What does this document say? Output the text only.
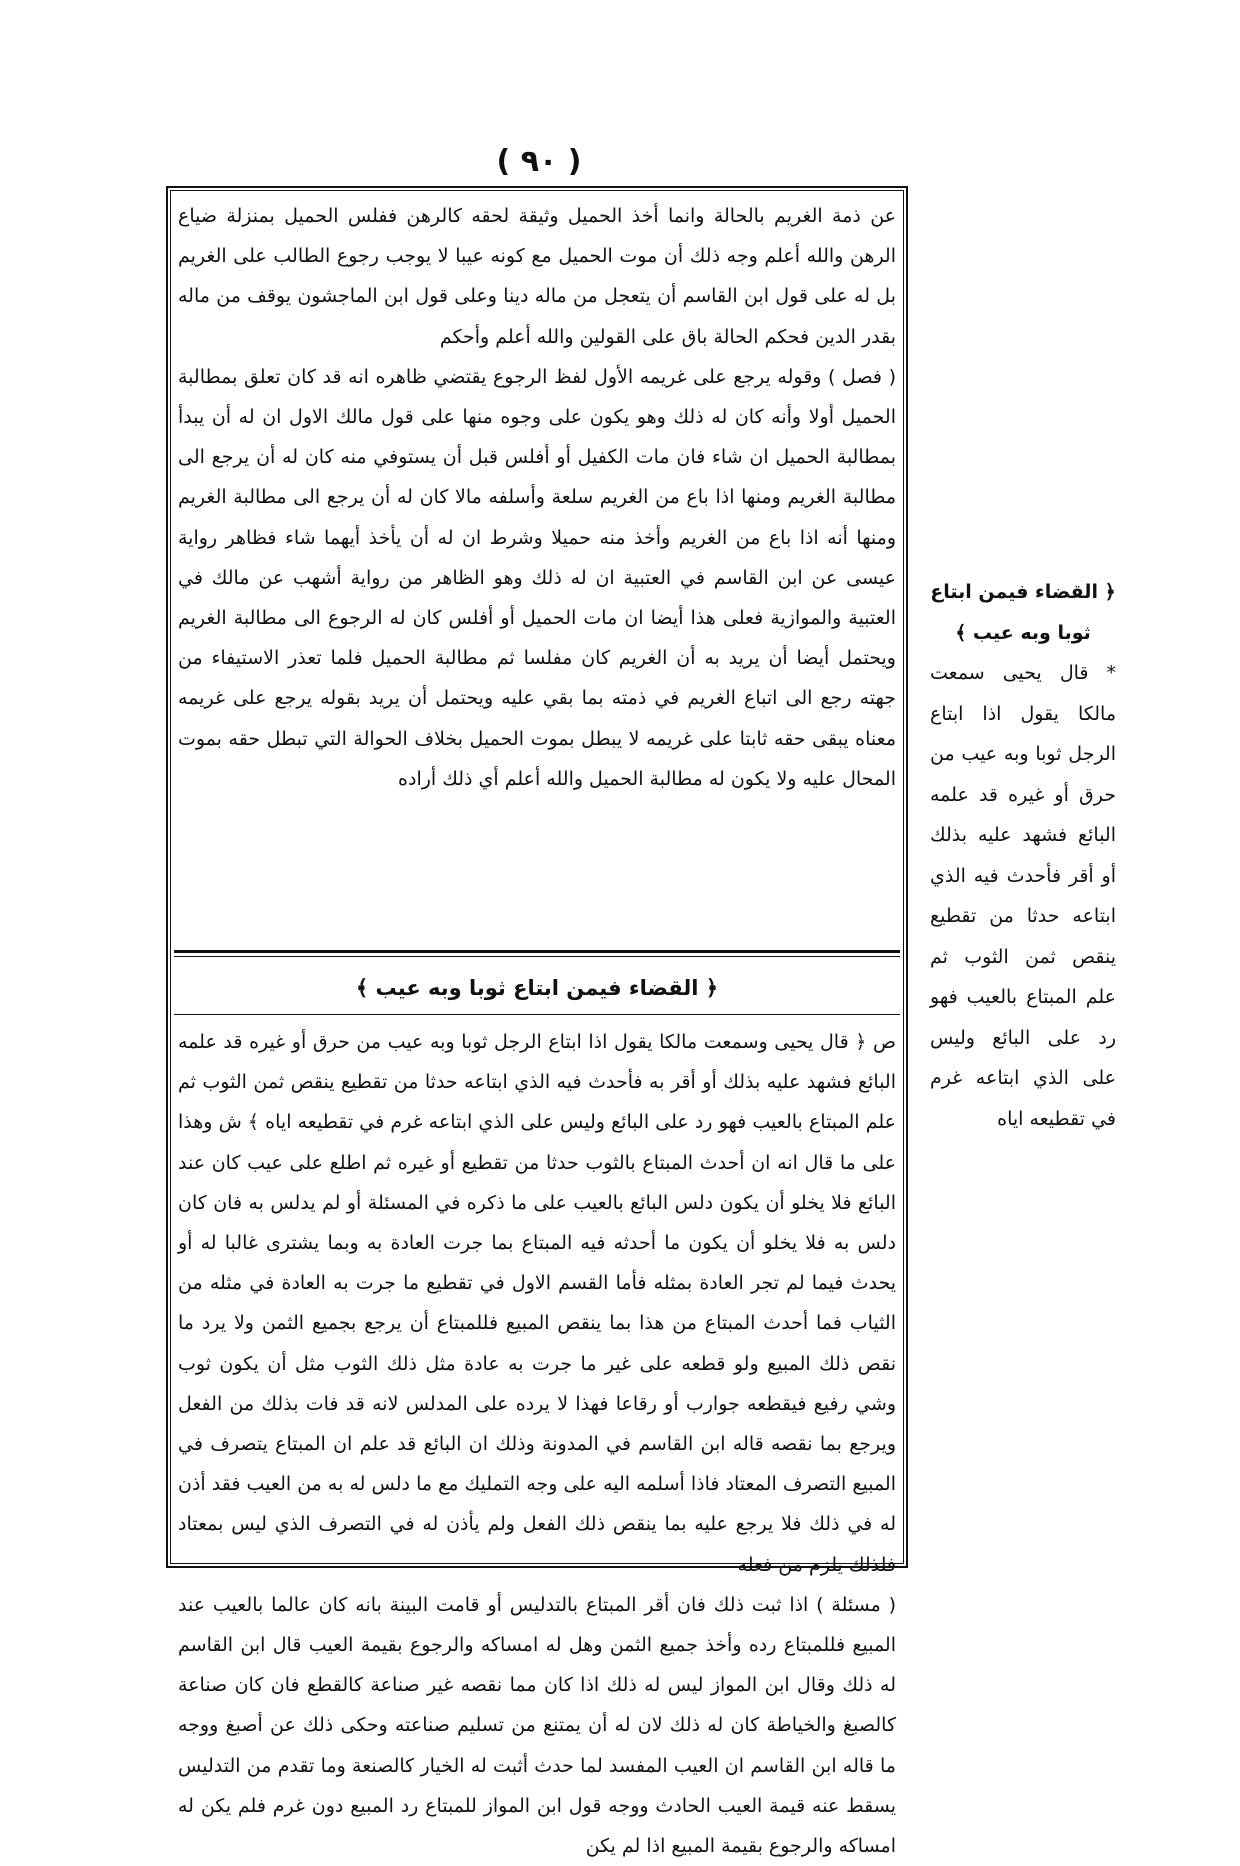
( ٩٠ )

عن ذمة الغريم بالحالة وانما أخذ الحميل وثيقة لحقه كالرهن ففلس الحميل بمنزلة ضياع الرهن والله أعلم وجه ذلك أن موت الحميل مع كونه عيبا لا يوجب رجوع الطالب على الغريم بل له على قول ابن القاسم أن يتعجل من ماله دينا وعلى قول ابن الماجشون يوقف من ماله بقدر الدين فحكم الحالة باق على القولين والله أعلم وأحكم

( فصل ) وقوله يرجع على غريمه الأول لفظ الرجوع يقتضي ظاهره انه قد كان تعلق بمطالبة الحميل أولا وأنه كان له ذلك وهو يكون على وجوه منها على قول مالك الاول ان له أن يبدأ بمطالبة الحميل ان شاء فان مات الكفيل أو أفلس قبل أن يستوفي منه كان له أن يرجع الى مطالبة الغريم ومنها اذا باع من الغريم سلعة وأسلفه مالا كان له أن يرجع الى مطالبة الغريم ومنها أنه اذا باع من الغريم وأخذ منه حميلا وشرط ان له أن يأخذ أيهما شاء فظاهر رواية عيسى عن ابن القاسم في العتبية ان له ذلك وهو الظاهر من رواية أشهب عن مالك في العتبية والموازية فعلى هذا أيضا ان مات الحميل أو أفلس كان له الرجوع الى مطالبة الغريم ويحتمل أيضا أن يريد به أن الغريم كان مفلسا ثم مطالبة الحميل فلما تعذر الاستيفاء من جهته رجع الى اتباع الغريم في ذمته بما بقي عليه ويحتمل أن يريد بقوله يرجع على غريمه معناه يبقى حقه ثابتا على غريمه لا يبطل بموت الحميل بخلاف الحوالة التي تبطل حقه بموت المحال عليه ولا يكون له مطالبة الحميل والله أعلم أي ذلك أراده

﴿ القضاء فيمن ابتاع ثوبا وبه عيب ﴾

ص ﴿ قال يحيى وسمعت مالكا يقول اذا ابتاع الرجل ثوبا وبه عيب من حرق أو غيره قد علمه البائع فشهد عليه بذلك أو أقر به فأحدث فيه الذي ابتاعه حدثا من تقطيع ينقص ثمن الثوب ثم علم المبتاع بالعيب فهو رد على البائع وليس على الذي ابتاعه غرم في تقطيعه اياه ﴾ ش وهذا على ما قال انه ان أحدث المبتاع بالثوب حدثا من تقطيع أو غيره ثم اطلع على عيب كان عند البائع فلا يخلو أن يكون دلس البائع بالعيب على ما ذكره في المسئلة أو لم يدلس به فان كان دلس به فلا يخلو أن يكون ما أحدثه فيه المبتاع بما جرت العادة به وبما يشترى غالبا له أو يحدث فيما لم تجر العادة بمثله فأما القسم الاول في تقطيع ما جرت به العادة في مثله من الثياب فما أحدث المبتاع من هذا بما ينقص المبيع فللمبتاع أن يرجع بجميع الثمن ولا يرد ما نقص ذلك المبيع ولو قطعه على غير ما جرت به عادة مثل ذلك الثوب مثل أن يكون ثوب وشي رفيع فيقطعه جوارب أو رقاعا فهذا لا يرده على المدلس لانه قد فات بذلك من الفعل ويرجع بما نقصه قاله ابن القاسم في المدونة وذلك ان البائع قد علم ان المبتاع يتصرف في المبيع التصرف المعتاد فاذا أسلمه اليه على وجه التمليك مع ما دلس له به من العيب فقد أذن له في ذلك فلا يرجع عليه بما ينقص ذلك الفعل ولم يأذن له في التصرف الذي ليس بمعتاد فلذلك يلزم من فعله

( مسئلة ) اذا ثبت ذلك فان أقر المبتاع بالتدليس أو قامت البينة بانه كان عالما بالعيب عند المبيع فللمبتاع رده وأخذ جميع الثمن وهل له امساكه والرجوع بقيمة العيب قال ابن القاسم له ذلك وقال ابن المواز ليس له ذلك اذا كان مما نقصه غير صناعة كالقطع فان كان صناعة كالصبغ والخياطة كان له ذلك لان له أن يمتنع من تسليم صناعته وحكى ذلك عن أصبغ ووجه ما قاله ابن القاسم ان العيب المفسد لما حدث أثبت له الخيار كالصنعة وما تقدم من التدليس يسقط عنه قيمة العيب الحادث ووجه قول ابن المواز للمبتاع رد المبيع دون غرم فلم يكن له امساكه والرجوع بقيمة المبيع اذا لم يكن

﴿ القضاء فيمن ابتاع ثوبا وبه عيب ﴾

* قال يحيى سمعت مالكا يقول اذا ابتاع الرجل ثوبا وبه عيب من حرق أو غيره قد علمه البائع فشهد عليه بذلك أو أقر فأحدث فيه الذي ابتاعه حدثا من تقطيع ينقص ثمن الثوب ثم علم المبتاع بالعيب فهو رد على البائع وليس على الذي ابتاعه غرم في تقطيعه اياه
